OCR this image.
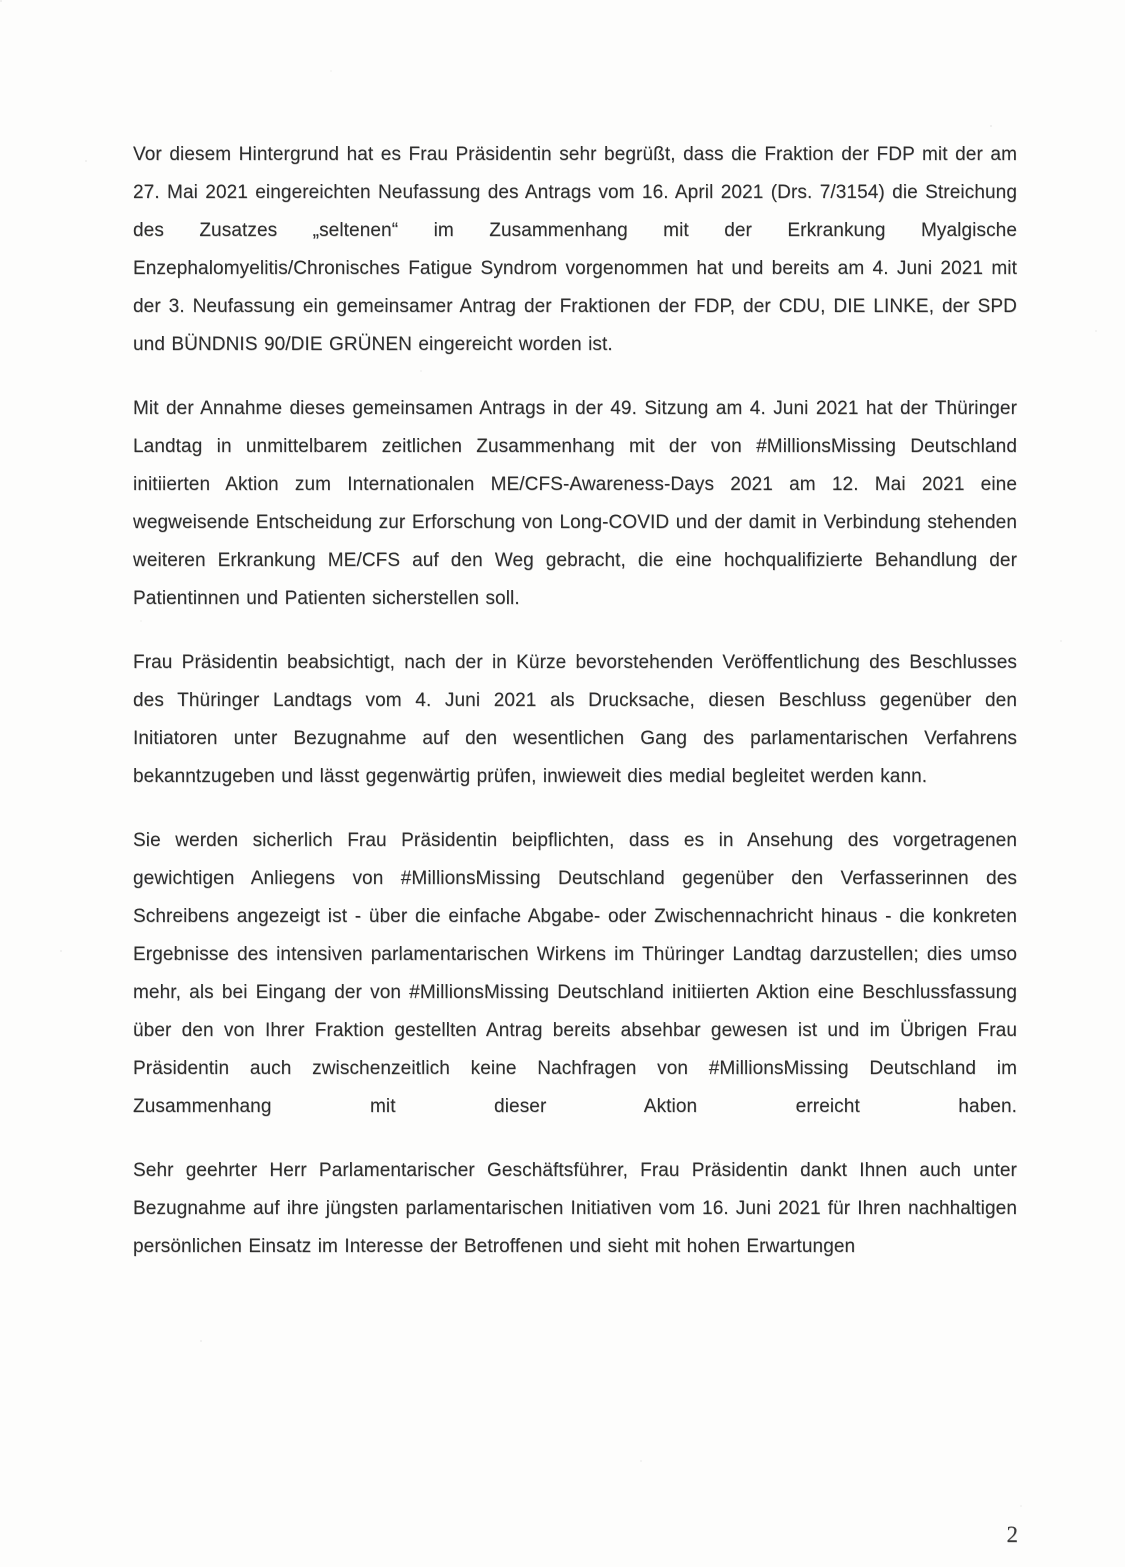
Vor diesem Hintergrund hat es Frau Präsidentin sehr begrüßt, dass die Fraktion der FDP mit der am 27. Mai 2021 eingereichten Neufassung des Antrags vom 16. April 2021 (Drs. 7/3154) die Streichung des Zusatzes „seltenen“ im Zusammenhang mit der Erkrankung Myalgische Enzephalomyelitis/Chronisches Fatigue Syndrom vorgenommen hat und bereits am 4. Juni 2021 mit der 3. Neufassung ein gemeinsamer Antrag der Fraktionen der FDP, der CDU, DIE LINKE, der SPD und BÜNDNIS 90/DIE GRÜNEN eingereicht worden ist.

Mit der Annahme dieses gemeinsamen Antrags in der 49. Sitzung am 4. Juni 2021 hat der Thüringer Landtag in unmittelbarem zeitlichen Zusammenhang mit der von #MillionsMissing Deutschland initiierten Aktion zum Internationalen ME/CFS-Awareness-Days 2021 am 12. Mai 2021 eine wegweisende Entscheidung zur Erforschung von Long-COVID und der damit in Verbindung stehenden weiteren Erkrankung ME/CFS auf den Weg gebracht, die eine hochqualifizierte Behandlung der Patientinnen und Patienten sicherstellen soll.

Frau Präsidentin beabsichtigt, nach der in Kürze bevorstehenden Veröffentlichung des Beschlusses des Thüringer Landtags vom 4. Juni 2021 als Drucksache, diesen Beschluss gegenüber den Initiatoren unter Bezugnahme auf den wesentlichen Gang des parlamentarischen Verfahrens bekanntzugeben und lässt gegenwärtig prüfen, inwieweit dies medial begleitet werden kann.

Sie werden sicherlich Frau Präsidentin beipflichten, dass es in Ansehung des vorgetragenen gewichtigen Anliegens von #MillionsMissing Deutschland gegenüber den Verfasserinnen des Schreibens angezeigt ist - über die einfache Abgabe- oder Zwischennachricht hinaus - die konkreten Ergebnisse des intensiven parlamentarischen Wirkens im Thüringer Landtag darzustellen; dies umso mehr, als bei Eingang der von #MillionsMissing Deutschland initiierten Aktion eine Beschlussfassung über den von Ihrer Fraktion gestellten Antrag bereits absehbar gewesen ist und im Übrigen Frau Präsidentin auch zwischenzeitlich keine Nachfragen von #MillionsMissing Deutschland im Zusammenhang mit dieser Aktion erreicht haben.

Sehr geehrter Herr Parlamentarischer Geschäftsführer, Frau Präsidentin dankt Ihnen auch unter Bezugnahme auf ihre jüngsten parlamentarischen Initiativen vom 16. Juni 2021 für Ihren nachhaltigen persönlichen Einsatz im Interesse der Betroffenen und sieht mit hohen Erwartungen

2
